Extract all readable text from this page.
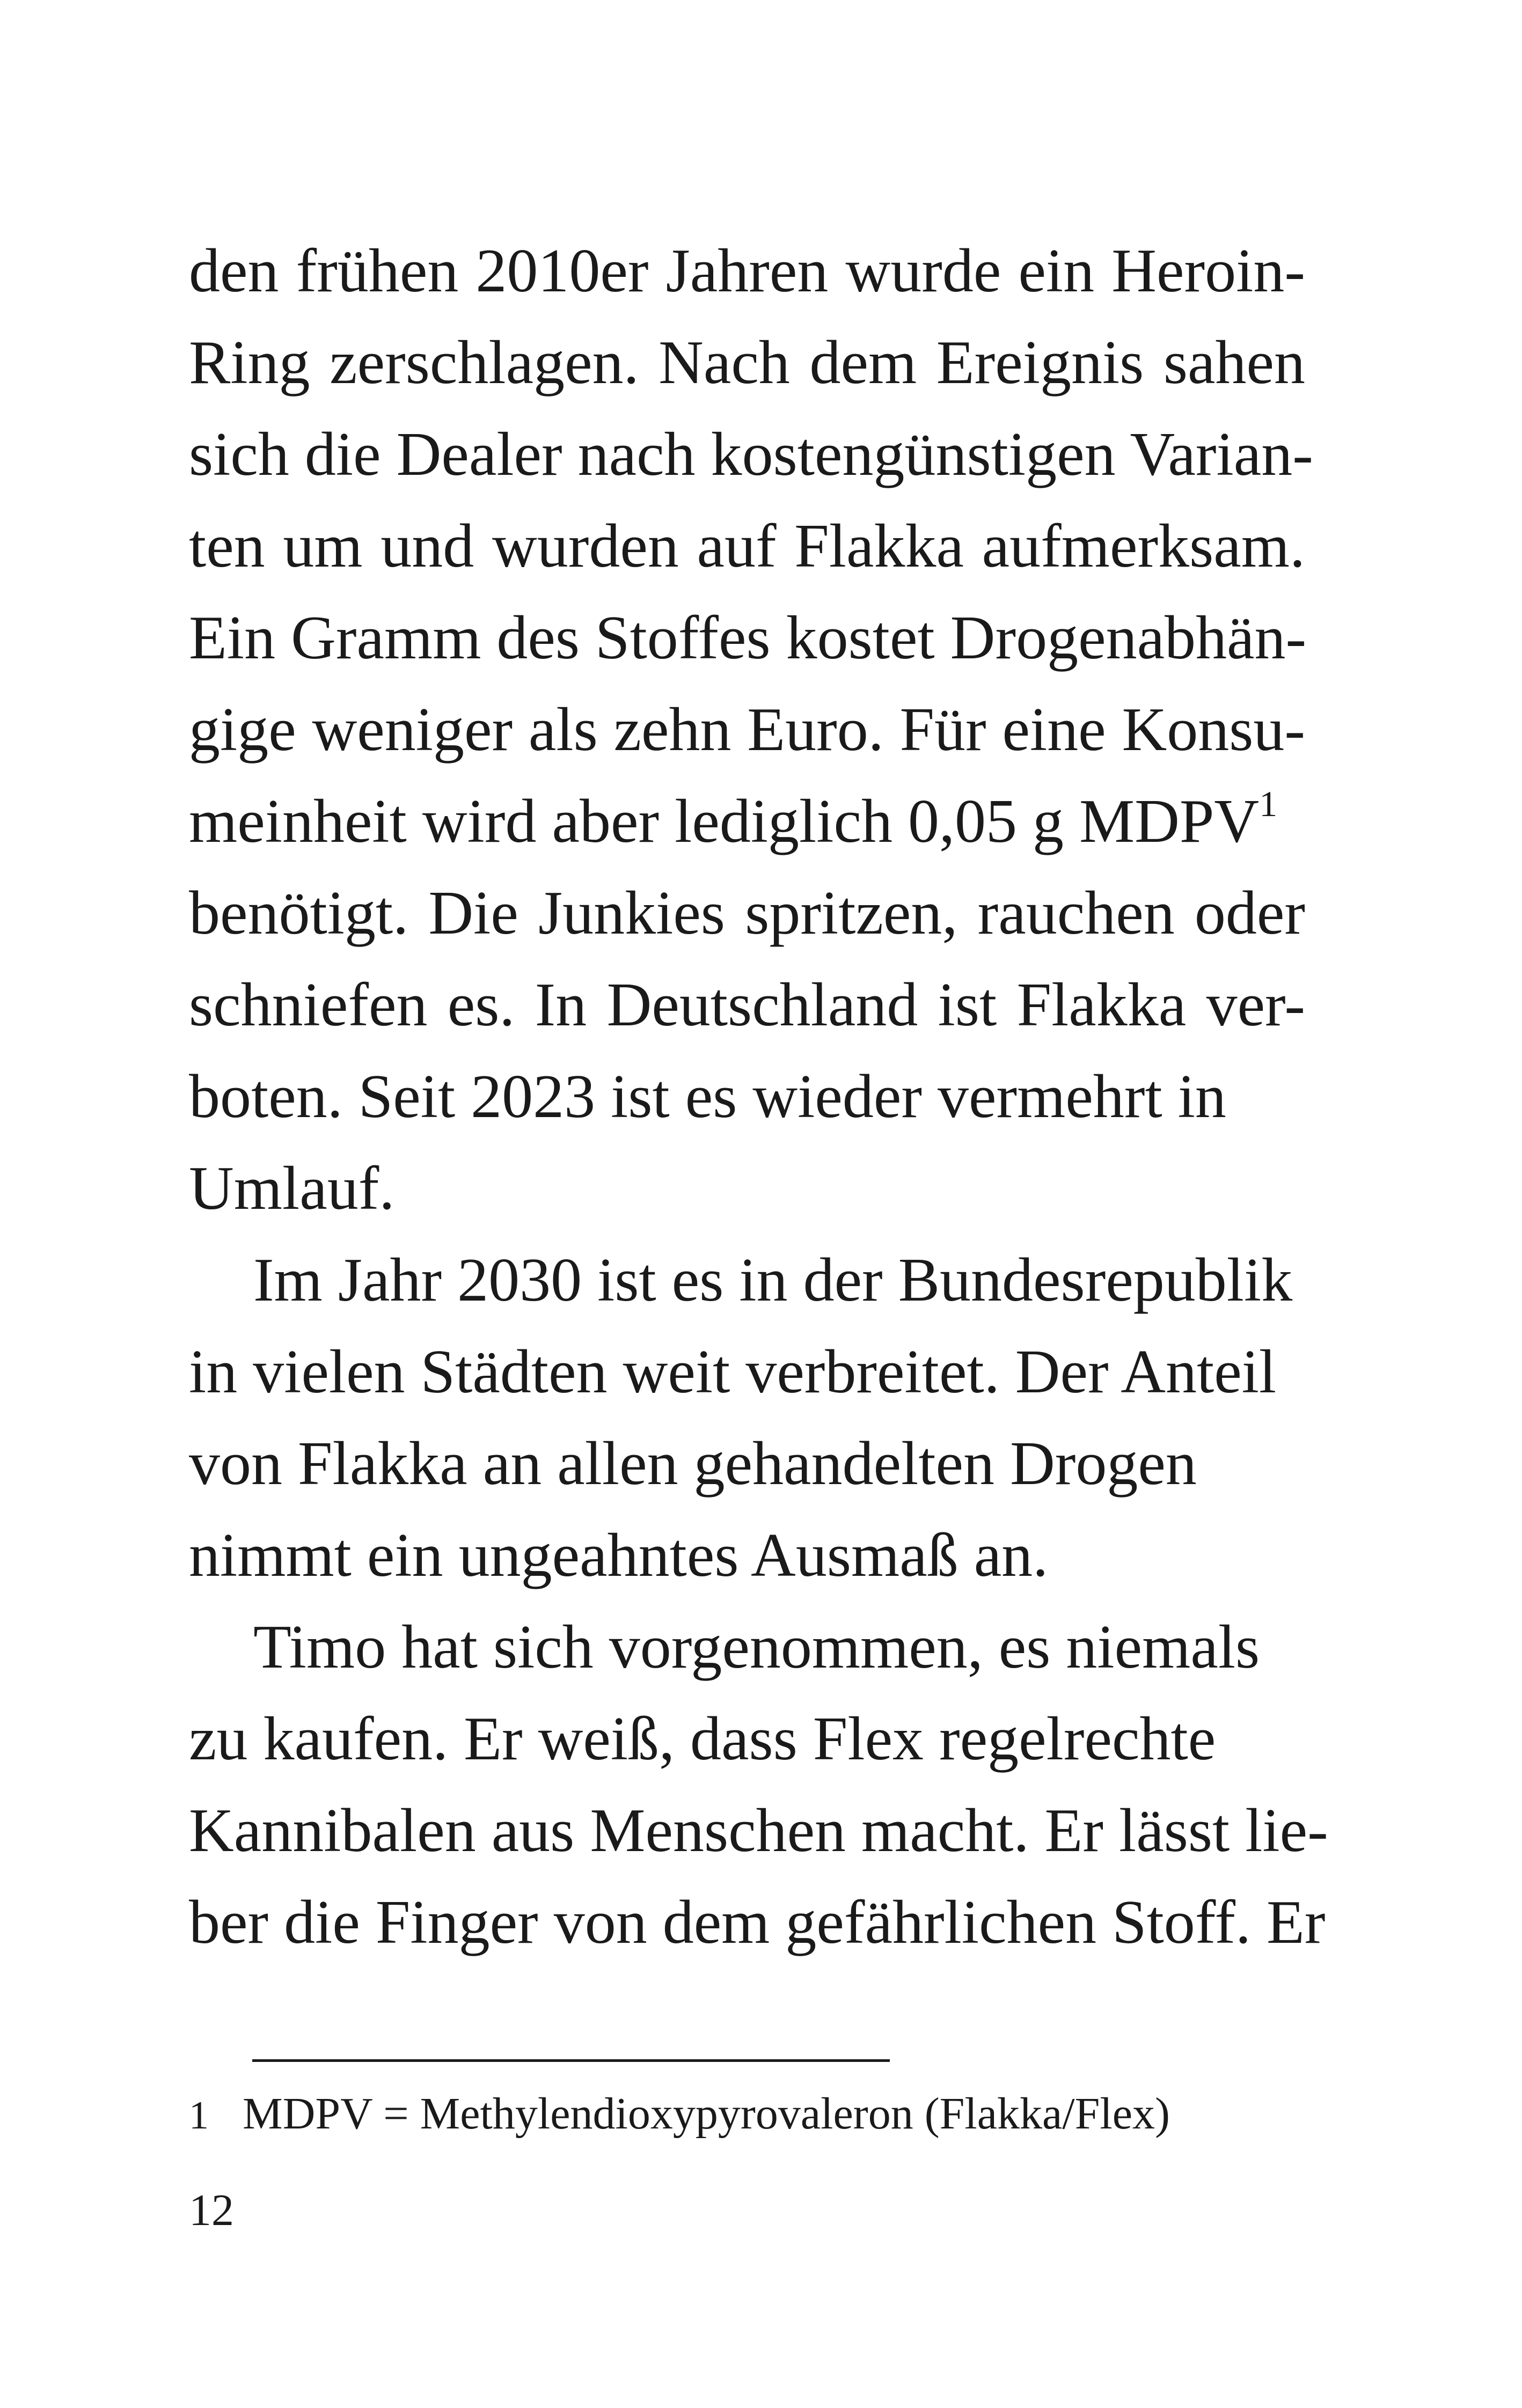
den frühen 2010er Jahren wurde ein Heroin-
Ring zerschlagen. Nach dem Ereignis sahen
sich die Dealer nach kostengünstigen Varian-
ten um und wurden auf Flakka aufmerksam.
Ein Gramm des Stoffes kostet Drogenabhän-
gige weniger als zehn Euro. Für eine Konsu-
meinheit wird aber lediglich 0,05 g MDPV$^1$
benötigt. Die Junkies spritzen, rauchen oder
schniefen es. In Deutschland ist Flakka ver-
boten. Seit 2023 ist es wieder vermehrt in
Umlauf.
Im Jahr 2030 ist es in der Bundesrepublik
in vielen Städten weit verbreitet. Der Anteil
von Flakka an allen gehandelten Drogen
nimmt ein ungeahntes Ausmaß an.
Timo hat sich vorgenommen, es niemals
zu kaufen. Er weiß, dass Flex regelrechte
Kannibalen aus Menschen macht. Er lässt lie-
ber die Finger von dem gefährlichen Stoff. Er
1 MDPV = Methylendioxypyrovaleron (Flakka/Flex)
12
